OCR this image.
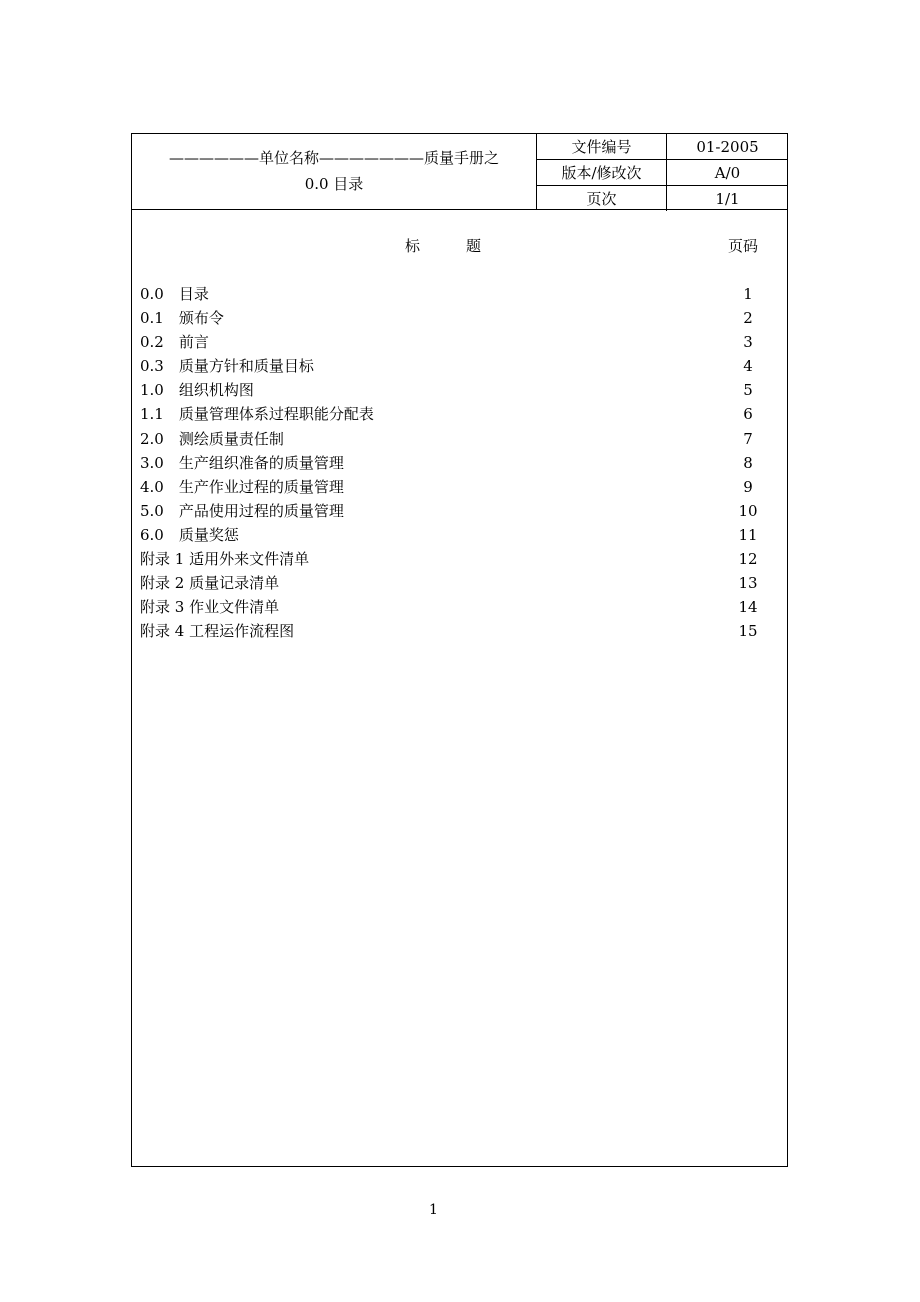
——————单位名称———————质量手册之
0.0 目录
文件编号	01-2005
版本/修改次	A/0
页次	1/1
标题	页码
0.0　目录	1
0.1　颁布令	2
0.2　前言	3
0.3　质量方针和质量目标	4
1.0　组织机构图	5
1.1　质量管理体系过程职能分配表	6
2.0　测绘质量责任制	7
3.0　生产组织准备的质量管理	8
4.0　生产作业过程的质量管理	9
5.0　产品使用过程的质量管理	10
6.0　质量奖惩	11
附录 1 适用外来文件清单	12
附录 2 质量记录清单	13
附录 3 作业文件清单	14
附录 4 工程运作流程图	15
1
